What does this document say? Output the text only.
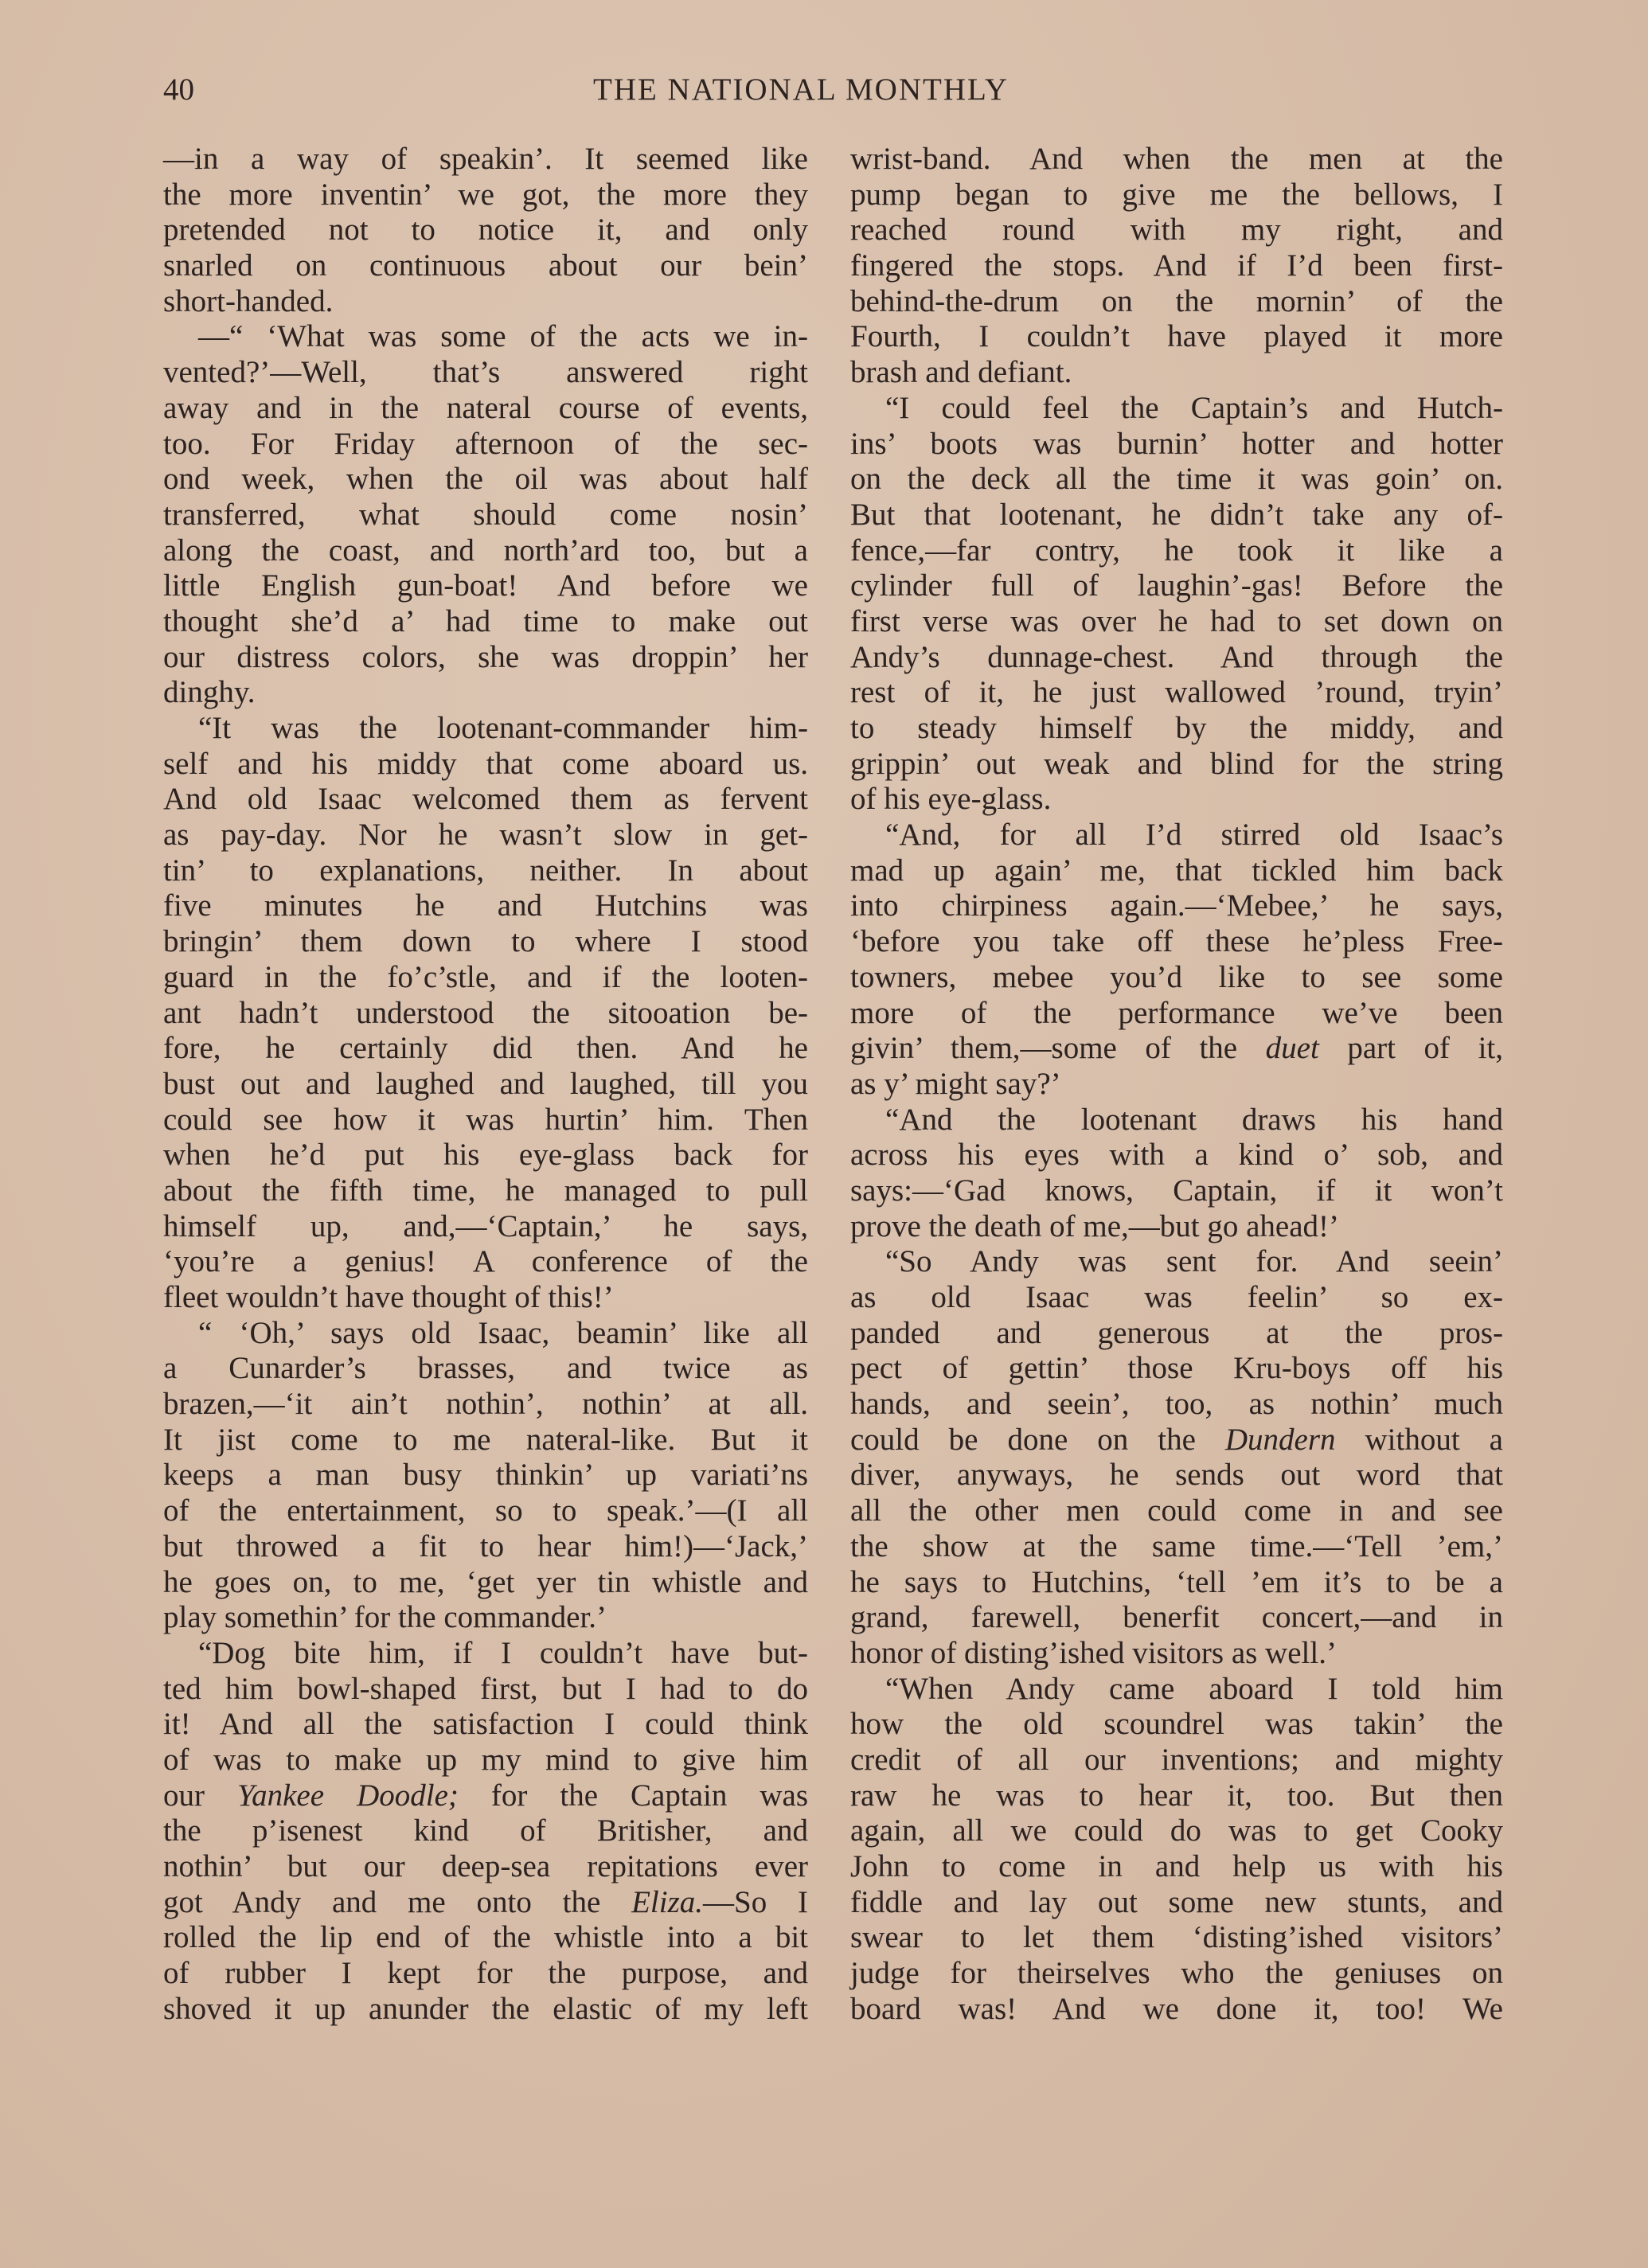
40	THE NATIONAL MONTHLY
—in a way of speakin’. It seemed like
the more inventin’ we got, the more they
pretended not to notice it, and only
snarled on continuous about our bein’
short-handed.
—“ ‘What was some of the acts we in-
vented?’—Well, that’s answered right
away and in the nateral course of events,
too. For Friday afternoon of the sec-
ond week, when the oil was about half
transferred, what should come nosin’
along the coast, and north’ard too, but a
little English gun-boat! And before we
thought she’d a’ had time to make out
our distress colors, she was droppin’ her
dinghy.
“It was the lootenant-commander him-
self and his middy that come aboard us.
And old Isaac welcomed them as fervent
as pay-day. Nor he wasn’t slow in get-
tin’ to explanations, neither. In about
five minutes he and Hutchins was
bringin’ them down to where I stood
guard in the fo’c’stle, and if the looten-
ant hadn’t understood the sitooation be-
fore, he certainly did then. And he
bust out and laughed and laughed, till you
could see how it was hurtin’ him. Then
when he’d put his eye-glass back for
about the fifth time, he managed to pull
himself up, and,—‘Captain,’ he says,
‘you’re a genius! A conference of the
fleet wouldn’t have thought of this!’
“ ‘Oh,’ says old Isaac, beamin’ like all
a Cunarder’s brasses, and twice as
brazen,—‘it ain’t nothin’, nothin’ at all.
It jist come to me nateral-like. But it
keeps a man busy thinkin’ up variati’ns
of the entertainment, so to speak.’—(I all
but throwed a fit to hear him!)—‘Jack,’
he goes on, to me, ‘get yer tin whistle and
play somethin’ for the commander.’
“Dog bite him, if I couldn’t have but-
ted him bowl-shaped first, but I had to do
it! And all the satisfaction I could think
of was to make up my mind to give him
our Yankee Doodle; for the Captain was
the p’isenest kind of Britisher, and
nothin’ but our deep-sea repitations ever
got Andy and me onto the Eliza.—So I
rolled the lip end of the whistle into a bit
of rubber I kept for the purpose, and
shoved it up anunder the elastic of my left
wrist-band. And when the men at the
pump began to give me the bellows, I
reached round with my right, and
fingered the stops. And if I’d been first-
behind-the-drum on the mornin’ of the
Fourth, I couldn’t have played it more
brash and defiant.
“I could feel the Captain’s and Hutch-
ins’ boots was burnin’ hotter and hotter
on the deck all the time it was goin’ on.
But that lootenant, he didn’t take any of-
fence,—far contry, he took it like a
cylinder full of laughin’-gas! Before the
first verse was over he had to set down on
Andy’s dunnage-chest. And through the
rest of it, he just wallowed ’round, tryin’
to steady himself by the middy, and
grippin’ out weak and blind for the string
of his eye-glass.
“And, for all I’d stirred old Isaac’s
mad up again’ me, that tickled him back
into chirpiness again.—‘Mebee,’ he says,
‘before you take off these he’pless Free-
towners, mebee you’d like to see some
more of the performance we’ve been
givin’ them,—some of the duet part of it,
as y’ might say?’
“And the lootenant draws his hand
across his eyes with a kind o’ sob, and
says:—‘Gad knows, Captain, if it won’t
prove the death of me,—but go ahead!’
“So Andy was sent for. And seein’
as old Isaac was feelin’ so ex-
panded and generous at the pros-
pect of gettin’ those Kru-boys off his
hands, and seein’, too, as nothin’ much
could be done on the Dundern without a
diver, anyways, he sends out word that
all the other men could come in and see
the show at the same time.—‘Tell ’em,’
he says to Hutchins, ‘tell ’em it’s to be a
grand, farewell, benerfit concert,—and in
honor of disting’ished visitors as well.’
“When Andy came aboard I told him
how the old scoundrel was takin’ the
credit of all our inventions; and mighty
raw he was to hear it, too. But then
again, all we could do was to get Cooky
John to come in and help us with his
fiddle and lay out some new stunts, and
swear to let them ‘disting’ished visitors’
judge for theirselves who the geniuses on
board was! And we done it, too! We
